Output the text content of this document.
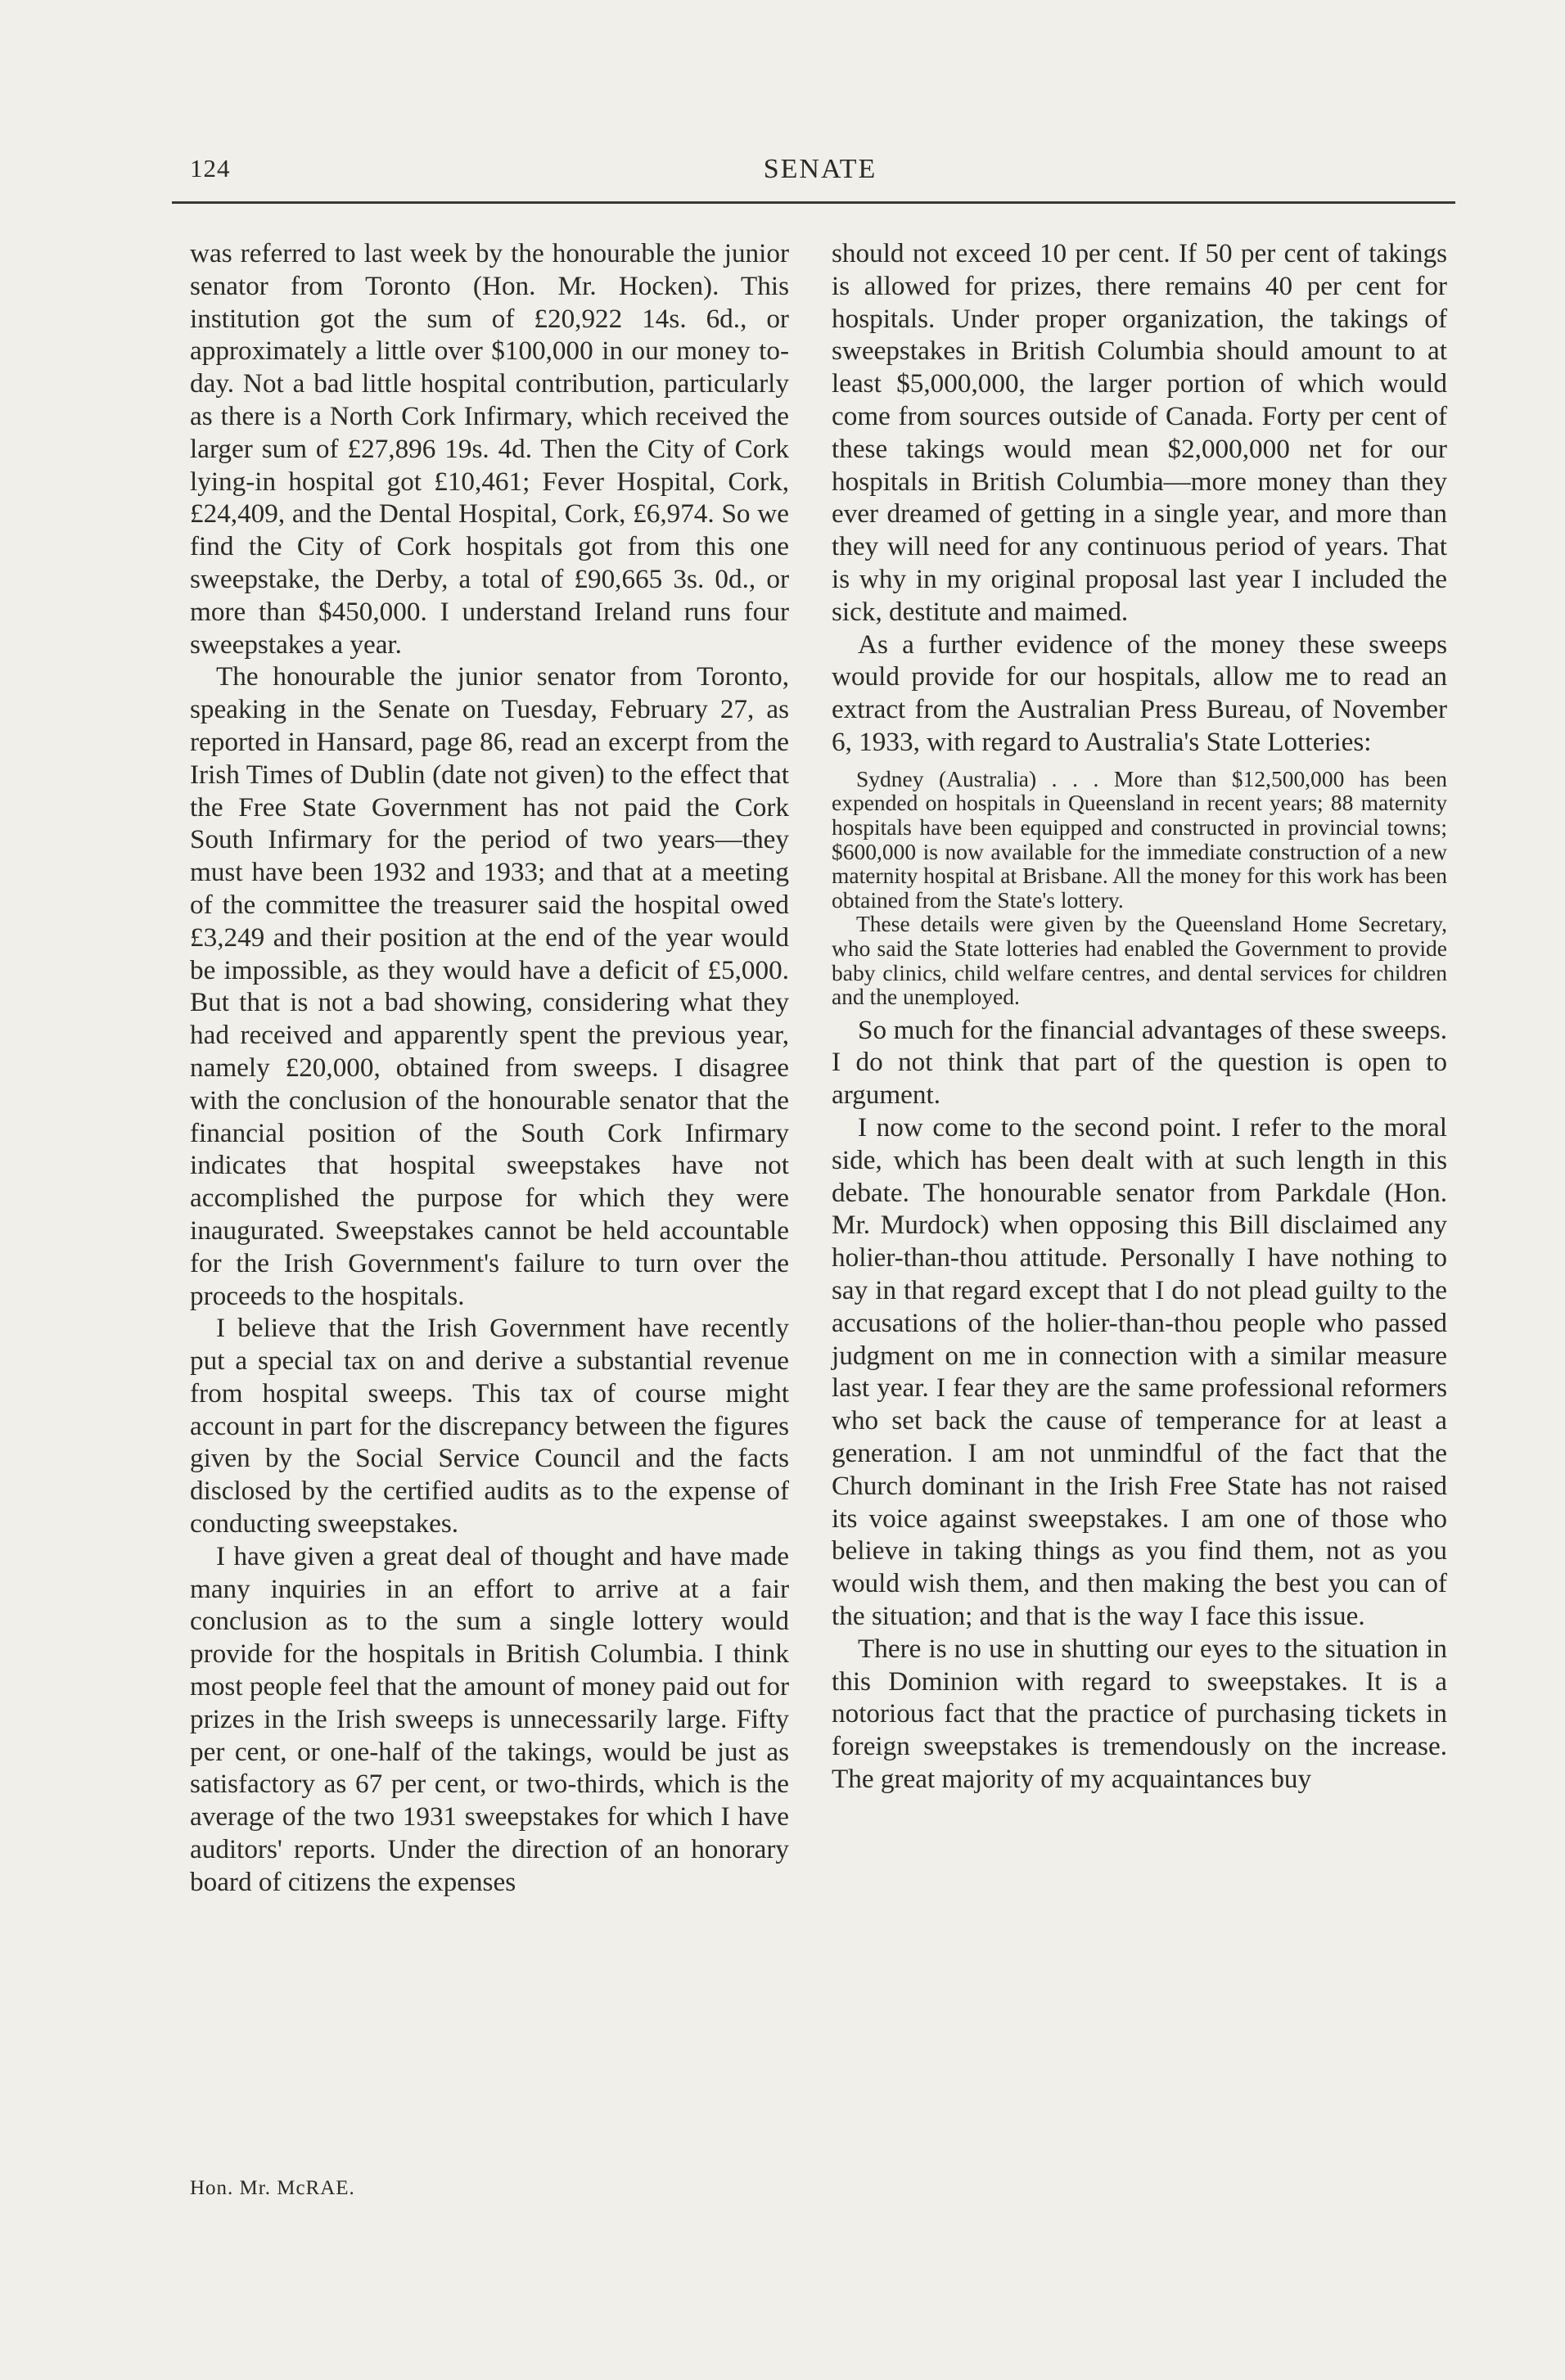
124	SENATE

was referred to last week by the honourable the junior senator from Toronto (Hon. Mr. Hocken). This institution got the sum of £20,922 14s. 6d., or approximately a little over $100,000 in our money to-day. Not a bad little hospital contribution, particularly as there is a North Cork Infirmary, which received the larger sum of £27,896 19s. 4d. Then the City of Cork lying-in hospital got £10,461; Fever Hospital, Cork, £24,409, and the Dental Hospital, Cork, £6,974. So we find the City of Cork hospitals got from this one sweepstake, the Derby, a total of £90,665 3s. 0d., or more than $450,000. I understand Ireland runs four sweepstakes a year.

The honourable the junior senator from Toronto, speaking in the Senate on Tuesday, February 27, as reported in Hansard, page 86, read an excerpt from the Irish Times of Dublin (date not given) to the effect that the Free State Government has not paid the Cork South Infirmary for the period of two years—they must have been 1932 and 1933; and that at a meeting of the committee the treasurer said the hospital owed £3,249 and their position at the end of the year would be impossible, as they would have a deficit of £5,000. But that is not a bad showing, considering what they had received and apparently spent the previous year, namely £20,000, obtained from sweeps. I disagree with the conclusion of the honourable senator that the financial position of the South Cork Infirmary indicates that hospital sweepstakes have not accomplished the purpose for which they were inaugurated. Sweepstakes cannot be held accountable for the Irish Government's failure to turn over the proceeds to the hospitals.

I believe that the Irish Government have recently put a special tax on and derive a substantial revenue from hospital sweeps. This tax of course might account in part for the discrepancy between the figures given by the Social Service Council and the facts disclosed by the certified audits as to the expense of conducting sweepstakes.

I have given a great deal of thought and have made many inquiries in an effort to arrive at a fair conclusion as to the sum a single lottery would provide for the hospitals in British Columbia. I think most people feel that the amount of money paid out for prizes in the Irish sweeps is unnecessarily large. Fifty per cent, or one-half of the takings, would be just as satisfactory as 67 per cent, or two-thirds, which is the average of the two 1931 sweepstakes for which I have auditors' reports. Under the direction of an honorary board of citizens the expenses

should not exceed 10 per cent. If 50 per cent of takings is allowed for prizes, there remains 40 per cent for hospitals. Under proper organization, the takings of sweepstakes in British Columbia should amount to at least $5,000,000, the larger portion of which would come from sources outside of Canada. Forty per cent of these takings would mean $2,000,000 net for our hospitals in British Columbia—more money than they ever dreamed of getting in a single year, and more than they will need for any continuous period of years. That is why in my original proposal last year I included the sick, destitute and maimed.

As a further evidence of the money these sweeps would provide for our hospitals, allow me to read an extract from the Australian Press Bureau, of November 6, 1933, with regard to Australia's State Lotteries:

Sydney (Australia) . . . More than $12,500,000 has been expended on hospitals in Queensland in recent years; 88 maternity hospitals have been equipped and constructed in provincial towns; $600,000 is now available for the immediate construction of a new maternity hospital at Brisbane. All the money for this work has been obtained from the State's lottery.

These details were given by the Queensland Home Secretary, who said the State lotteries had enabled the Government to provide baby clinics, child welfare centres, and dental services for children and the unemployed.

So much for the financial advantages of these sweeps. I do not think that part of the question is open to argument.

I now come to the second point. I refer to the moral side, which has been dealt with at such length in this debate. The honourable senator from Parkdale (Hon. Mr. Murdock) when opposing this Bill disclaimed any holier-than-thou attitude. Personally I have nothing to say in that regard except that I do not plead guilty to the accusations of the holier-than-thou people who passed judgment on me in connection with a similar measure last year. I fear they are the same professional reformers who set back the cause of temperance for at least a generation. I am not unmindful of the fact that the Church dominant in the Irish Free State has not raised its voice against sweepstakes. I am one of those who believe in taking things as you find them, not as you would wish them, and then making the best you can of the situation; and that is the way I face this issue.

There is no use in shutting our eyes to the situation in this Dominion with regard to sweepstakes. It is a notorious fact that the practice of purchasing tickets in foreign sweepstakes is tremendously on the increase. The great majority of my acquaintances buy

Hon. Mr. McRAE.
